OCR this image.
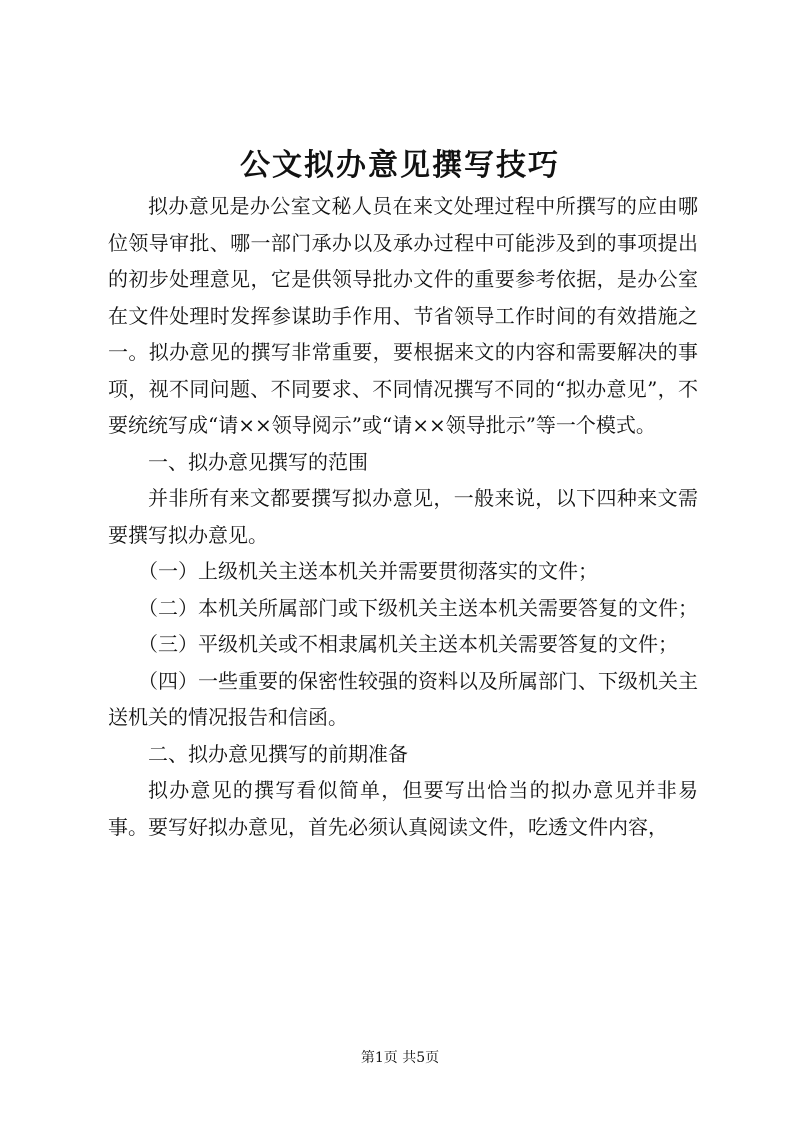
公文拟办意见撰写技巧

拟办意见是办公室文秘人员在来文处理过程中所撰写的应由哪位领导审批、哪一部门承办以及承办过程中可能涉及到的事项提出的初步处理意见，它是供领导批办文件的重要参考依据，是办公室在文件处理时发挥参谋助手作用、节省领导工作时间的有效措施之一。拟办意见的撰写非常重要，要根据来文的内容和需要解决的事项，视不同问题、不同要求、不同情况撰写不同的“拟办意见”，不要统统写成“请××领导阅示”或“请××领导批示”等一个模式。

一、拟办意见撰写的范围

并非所有来文都要撰写拟办意见，一般来说，以下四种来文需要撰写拟办意见。

（一）上级机关主送本机关并需要贯彻落实的文件；

（二）本机关所属部门或下级机关主送本机关需要答复的文件；

（三）平级机关或不相隶属机关主送本机关需要答复的文件；

（四）一些重要的保密性较强的资料以及所属部门、下级机关主送机关的情况报告和信函。

二、拟办意见撰写的前期准备

拟办意见的撰写看似简单，但要写出恰当的拟办意见并非易事。要写好拟办意见，首先必须认真阅读文件，吃透文件内容，

第1页 共5页
